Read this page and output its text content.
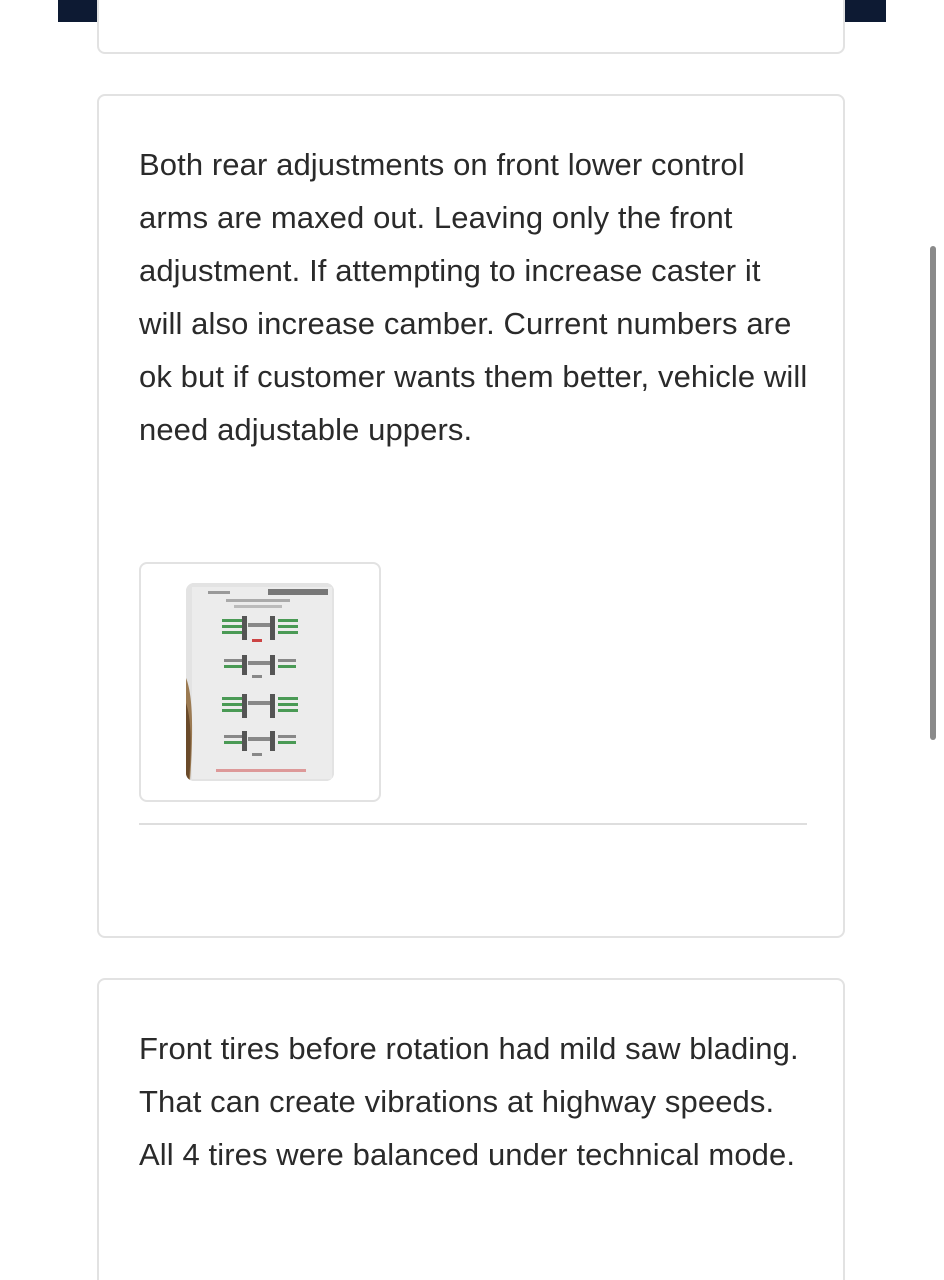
Both rear adjustments on front lower control arms are maxed out. Leaving only the front adjustment. If attempting to increase caster it will also increase camber. Current numbers are ok but if customer wants them better, vehicle will need adjustable uppers.

Front tires before rotation had mild saw blading. That can create vibrations at highway speeds. All 4 tires were balanced under technical mode.
